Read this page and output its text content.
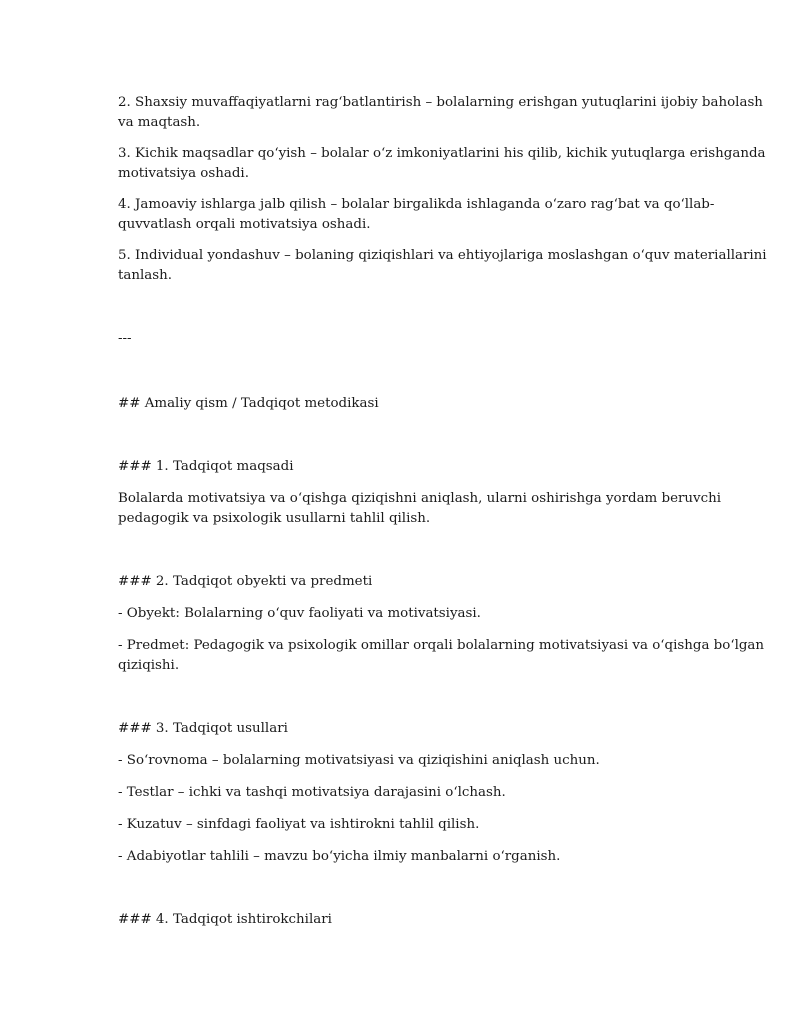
2. Shaxsiy muvaffaqiyatlarni rag‘batlantirish – bolalarning erishgan yutuqlarini ijobiy baholash
va maqtash.
3. Kichik maqsadlar qo‘yish – bolalar o‘z imkoniyatlarini his qilib, kichik yutuqlarga erishganda
motivatsiya oshadi.
4. Jamoaviy ishlarga jalb qilish – bolalar birgalikda ishlaganda o‘zaro rag‘bat va qo‘llab-
quvvatlash orqali motivatsiya oshadi.
5. Individual yondashuv – bolaning qiziqishlari va ehtiyojlariga moslashgan o‘quv materiallarini
tanlash.
---
## Amaliy qism / Tadqiqot metodikasi
### 1. Tadqiqot maqsadi
Bolalarda motivatsiya va o‘qishga qiziqishni aniqlash, ularni oshirishga yordam beruvchi
pedagogik va psixologik usullarni tahlil qilish.
### 2. Tadqiqot obyekti va predmeti
- Obyekt: Bolalarning o‘quv faoliyati va motivatsiyasi.
- Predmet: Pedagogik va psixologik omillar orqali bolalarning motivatsiyasi va o‘qishga bo‘lgan
qiziqishi.
### 3. Tadqiqot usullari
- So‘rovnoma – bolalarning motivatsiyasi va qiziqishini aniqlash uchun.
- Testlar – ichki va tashqi motivatsiya darajasini o‘lchash.
- Kuzatuv – sinfdagi faoliyat va ishtirokni tahlil qilish.
- Adabiyotlar tahlili – mavzu bo‘yicha ilmiy manbalarni o‘rganish.
### 4. Tadqiqot ishtirokchilari
